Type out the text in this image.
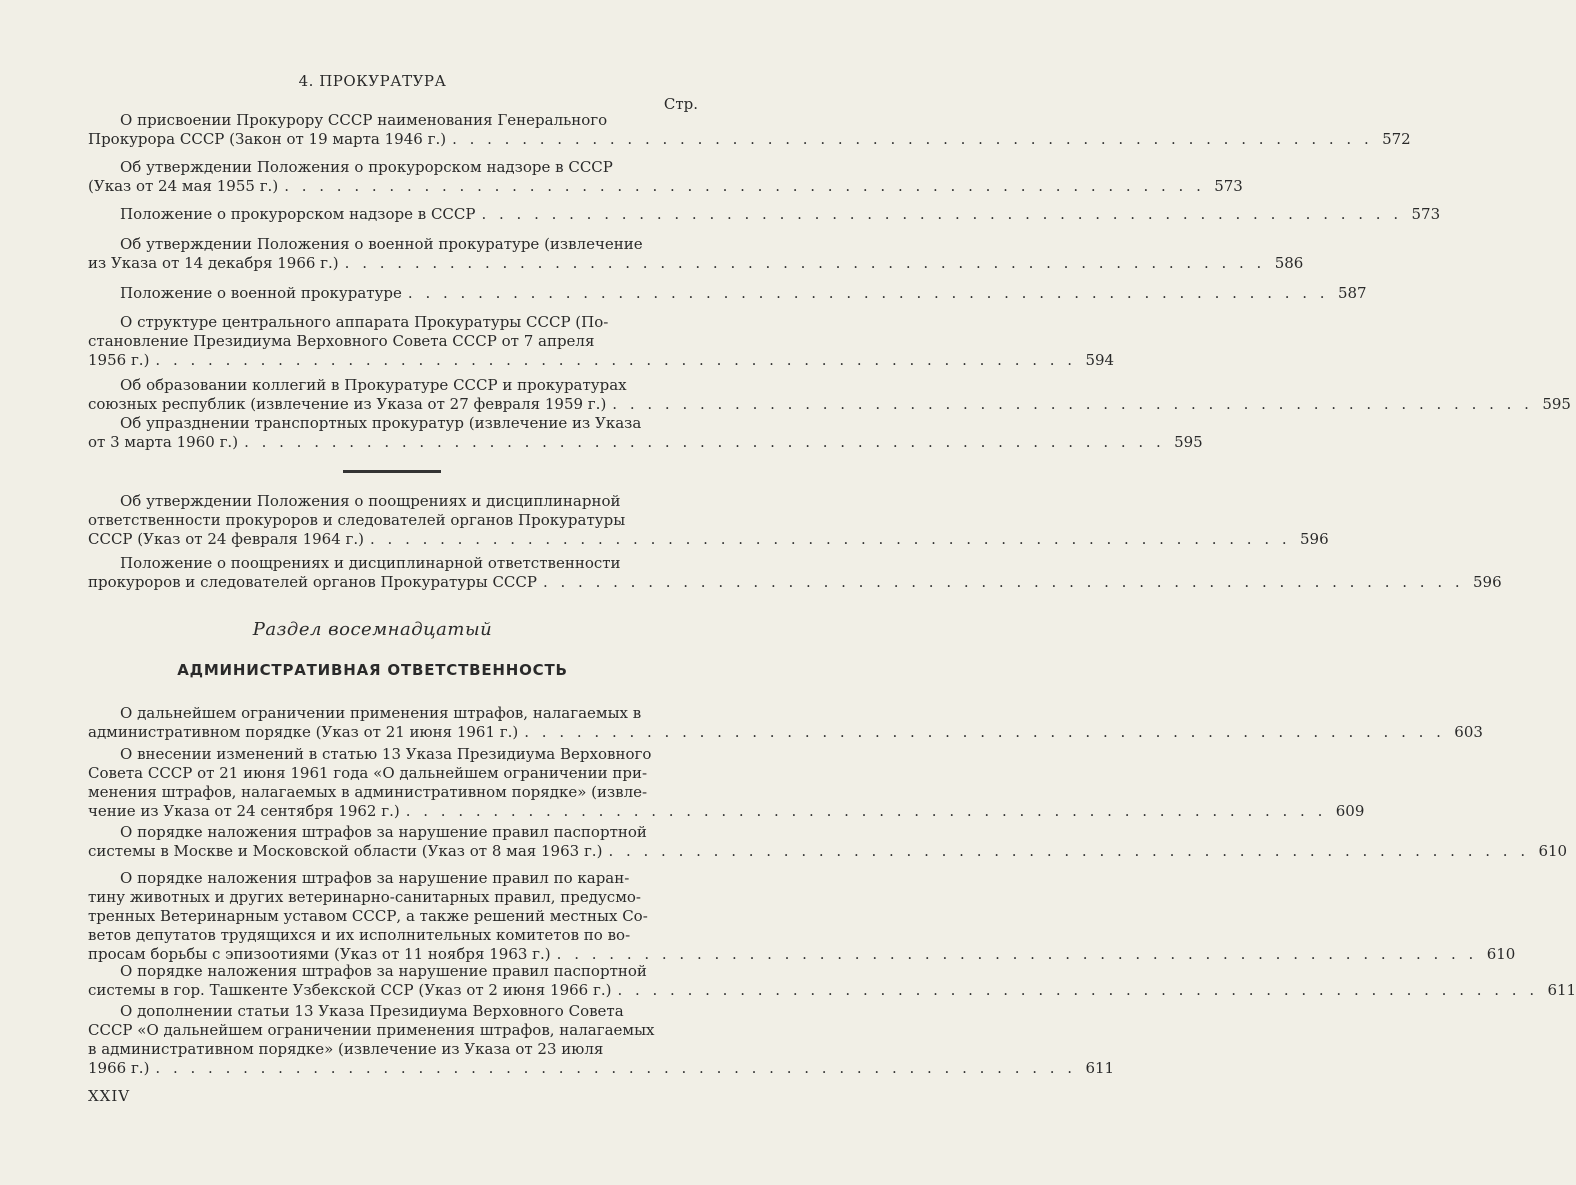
4. ПРОКУРАТУРА
Стр.
О присвоении Прокурору СССР наименования Генерального
Прокурора СССР (Закон от 19 марта 1946 г.) . . . . . . . . . . . . . . . . . . . . . . . . . . . . . . . . . . . . . . . . . . . . . . . . . . . . . 572
Об утверждении Положения о прокурорском надзоре в СССР
(Указ от 24 мая 1955 г.) . . . . . . . . . . . . . . . . . . . . . . . . . . . . . . . . . . . . . . . . . . . . . . . . . . . . . 573
Положение о прокурорском надзоре в СССР . . . . . . . . . . . . . . . . . . . . . . . . . . . . . . . . . . . . . . . . . . . . . . . . . . . . . 573
Об утверждении Положения о военной прокуратуре (извлечение
из Указа от 14 декабря 1966 г.) . . . . . . . . . . . . . . . . . . . . . . . . . . . . . . . . . . . . . . . . . . . . . . . . . . . . . 586
Положение о военной прокуратуре . . . . . . . . . . . . . . . . . . . . . . . . . . . . . . . . . . . . . . . . . . . . . . . . . . . . . 587
О структуре центрального аппарата Прокуратуры СССР (По-
становление Президиума Верховного Совета СССР от 7 апреля
1956 г.) . . . . . . . . . . . . . . . . . . . . . . . . . . . . . . . . . . . . . . . . . . . . . . . . . . . . . 594
Об образовании коллегий в Прокуратуре СССР и прокуратурах
союзных республик (извлечение из Указа от 27 февраля 1959 г.) . . . . . . . . . . . . . . . . . . . . . . . . . . . . . . . . . . . . . . . . . . . . . . . . . . . . . 595
Об упразднении транспортных прокуратур (извлечение из Указа
от 3 марта 1960 г.) . . . . . . . . . . . . . . . . . . . . . . . . . . . . . . . . . . . . . . . . . . . . . . . . . . . . . 595
Об утверждении Положения о поощрениях и дисциплинарной
ответственности прокуроров и следователей органов Прокуратуры
СССР (Указ от 24 февраля 1964 г.) . . . . . . . . . . . . . . . . . . . . . . . . . . . . . . . . . . . . . . . . . . . . . . . . . . . . . 596
Положение о поощрениях и дисциплинарной ответственности
прокуроров и следователей органов Прокуратуры СССР . . . . . . . . . . . . . . . . . . . . . . . . . . . . . . . . . . . . . . . . . . . . . . . . . . . . . 596
Раздел восемнадцатый
АДМИНИСТРАТИВНАЯ ОТВЕТСТВЕННОСТЬ
О дальнейшем ограничении применения штрафов, налагаемых в
административном порядке (Указ от 21 июня 1961 г.) . . . . . . . . . . . . . . . . . . . . . . . . . . . . . . . . . . . . . . . . . . . . . . . . . . . . . 603
О внесении изменений в статью 13 Указа Президиума Верховного
Совета СССР от 21 июня 1961 года «О дальнейшем ограничении при-
менения штрафов, налагаемых в административном порядке» (извле-
чение из Указа от 24 сентября 1962 г.) . . . . . . . . . . . . . . . . . . . . . . . . . . . . . . . . . . . . . . . . . . . . . . . . . . . . . 609
О порядке наложения штрафов за нарушение правил паспортной
системы в Москве и Московской области (Указ от 8 мая 1963 г.) . . . . . . . . . . . . . . . . . . . . . . . . . . . . . . . . . . . . . . . . . . . . . . . . . . . . . 610
О порядке наложения штрафов за нарушение правил по каран-
тину животных и других ветеринарно-санитарных правил, предусмо-
тренных Ветеринарным уставом СССР, а также решений местных Со-
ветов депутатов трудящихся и их исполнительных комитетов по во-
просам борьбы с эпизоотиями (Указ от 11 ноября 1963 г.) . . . . . . . . . . . . . . . . . . . . . . . . . . . . . . . . . . . . . . . . . . . . . . . . . . . . . 610
О порядке наложения штрафов за нарушение правил паспортной
системы в гор. Ташкенте Узбекской ССР (Указ от 2 июня 1966 г.) . . . . . . . . . . . . . . . . . . . . . . . . . . . . . . . . . . . . . . . . . . . . . . . . . . . . . 611
О дополнении статьи 13 Указа Президиума Верховного Совета
СССР «О дальнейшем ограничении применения штрафов, налагаемых
в административном порядке» (извлечение из Указа от 23 июля
1966 г.) . . . . . . . . . . . . . . . . . . . . . . . . . . . . . . . . . . . . . . . . . . . . . . . . . . . . . 611
XXIV
